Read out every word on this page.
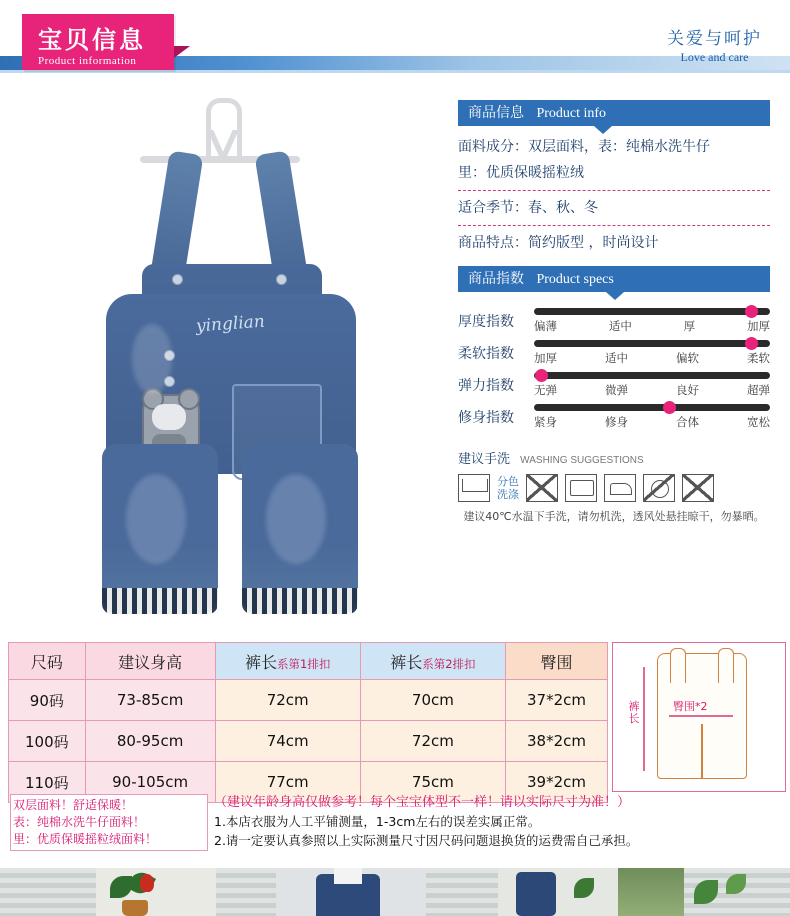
宝贝信息
Product information
关爱与呵护
Love and care
yinglian
商品信息 Product info
面料成分：双层面料，表：纯棉水洗牛仔
里：优质保暖摇粒绒
适合季节：春、秋、冬
商品特点：简约版型 ，时尚设计
商品指数 Product specs
厚度指数	偏薄	适中	厚	加厚
柔软指数	加厚	适中	偏软	柔软
弹力指数	无弹	微弹	良好	超弹
修身指数	紧身	修身	合体	宽松
建议手洗 WASHING SUGGESTIONS
分色
洗涤
建议40℃水温下手洗，请勿机洗，透风处悬挂晾干，勿暴晒。
尺码	建议身高	裤长系第1排扣	裤长系第2排扣	臀围
90码	73-85cm	72cm	70cm	37*2cm
100码	80-95cm	74cm	72cm	38*2cm
110码	90-105cm	77cm	75cm	39*2cm
裤
长
臀围*2
双层面料！舒适保暖！
表：纯棉水洗牛仔面料！
里：优质保暖摇粒绒面料！
（建议年龄身高仅做参考！每个宝宝体型不一样！请以实际尺寸为准！）
1.本店衣服为人工平铺测量，1-3cm左右的误差实属正常。
2.请一定要认真参照以上实际测量尺寸因尺码问题退换货的运费需自己承担。
